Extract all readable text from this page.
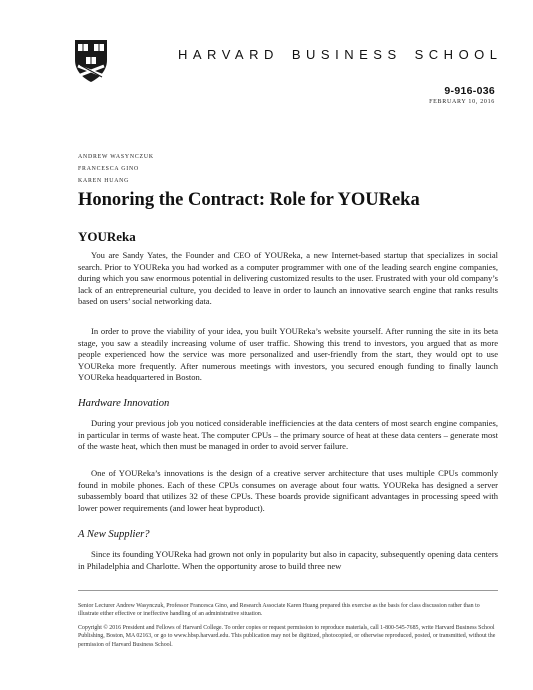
HARVARD BUSINESS SCHOOL
9-916-036
FEBRUARY 10, 2016
ANDREW WASYNCZUK
FRANCESCA GINO
KAREN HUANG
Honoring the Contract: Role for YOUReka
YOUReka

You are Sandy Yates, the Founder and CEO of YOUReka, a new Internet-based startup that specializes in social search. Prior to YOUReka you had worked as a computer programmer with one of the leading search engine companies, during which you saw enormous potential in delivering customized results to the user. Frustrated with your old company’s lack of an entrepreneurial culture, you decided to leave in order to launch an innovative search engine that ranks results based on users’ social networking data.

In order to prove the viability of your idea, you built YOUReka’s website yourself. After running the site in its beta stage, you saw a steadily increasing volume of user traffic. Showing this trend to investors, you argued that as more people experienced how the service was more personalized and user-friendly from the start, they would opt to use YOUReka more frequently. After numerous meetings with investors, you secured enough funding to finally launch YOUReka headquartered in Boston.

Hardware Innovation

During your previous job you noticed considerable inefficiencies at the data centers of most search engine companies, in particular in terms of waste heat. The computer CPUs – the primary source of heat at these data centers – generate most of the waste heat, which then must be managed in order to avoid server failure.

One of YOUReka’s innovations is the design of a creative server architecture that uses multiple CPUs commonly found in mobile phones. Each of these CPUs consumes on average about four watts. YOUReka has designed a server subassembly board that utilizes 32 of these CPUs. These boards provide significant advantages in processing speed with lower power requirements (and lower heat byproduct).

A New Supplier?

Since its founding YOUReka had grown not only in popularity but also in capacity, subsequently opening data centers in Philadelphia and Charlotte. When the opportunity arose to build three new

Senior Lecturer Andrew Wasynczuk, Professor Francesca Gino, and Research Associate Karen Huang prepared this exercise as the basis for class discussion rather than to illustrate either effective or ineffective handling of an administrative situation.

Copyright © 2016 President and Fellows of Harvard College. To order copies or request permission to reproduce materials, call 1-800-545-7685, write Harvard Business School Publishing, Boston, MA 02163, or go to www.hbsp.harvard.edu. This publication may not be digitized, photocopied, or otherwise reproduced, posted, or transmitted, without the permission of Harvard Business School.
